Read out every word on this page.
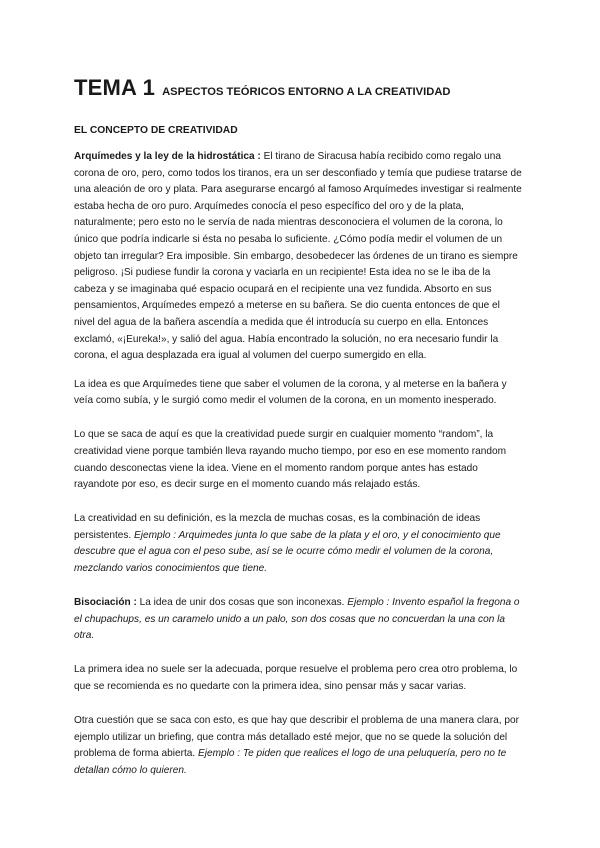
TEMA 1 ASPECTOS TEÓRICOS ENTORNO A LA CREATIVIDAD
EL CONCEPTO DE CREATIVIDAD

Arquímedes y la ley de la hidrostática : El tirano de Siracusa había recibido como regalo una corona de oro, pero, como todos los tiranos, era un ser desconfiado y temía que pudiese tratarse de una aleación de oro y plata. Para asegurarse encargó al famoso Arquímedes investigar si realmente estaba hecha de oro puro. Arquímedes conocía el peso específico del oro y de la plata, naturalmente; pero esto no le servía de nada mientras desconociera el volumen de la corona, lo único que podría indicarle si ésta no pesaba lo suficiente. ¿Cómo podía medir el volumen de un objeto tan irregular? Era imposible. Sin embargo, desobedecer las órdenes de un tirano es siempre peligroso. ¡Si pudiese fundir la corona y vaciarla en un recipiente! Esta idea no se le iba de la cabeza y se imaginaba qué espacio ocupará en el recipiente una vez fundida. Absorto en sus pensamientos, Arquímedes empezó a meterse en su bañera. Se dio cuenta entonces de que el nivel del agua de la bañera ascendía a medida que él introducía su cuerpo en ella. Entonces exclamó, «¡Eureka!», y salió del agua. Había encontrado la solución, no era necesario fundir la corona, el agua desplazada era igual al volumen del cuerpo sumergido en ella.

La idea es que Arquímedes tiene que saber el volumen de la corona, y al meterse en la bañera y veía como subía, y le surgió como medir el volumen de la corona, en un momento inesperado.

Lo que se saca de aquí es que la creatividad puede surgir en cualquier momento “random”, la creatividad viene porque también lleva rayando mucho tiempo, por eso en ese momento random cuando desconectas viene la idea. Viene en el momento random porque antes has estado rayandote por eso, es decir surge en el momento cuando más relajado estás.

La creatividad en su definición, es la mezcla de muchas cosas, es la combinación de ideas persistentes. Ejemplo : Arquimedes junta lo que sabe de la plata y el oro, y el conocimiento que descubre que el agua con el peso sube, así se le ocurre cómo medir el volumen de la corona, mezclando varios conocimientos que tiene.

Bisociación : La idea de unir dos cosas que son inconexas. Ejemplo : Invento español la fregona o el chupachups, es un caramelo unido a un palo, son dos cosas que no concuerdan la una con la otra.

La primera idea no suele ser la adecuada, porque resuelve el problema pero crea otro problema, lo que se recomienda es no quedarte con la primera idea, sino pensar más y sacar varias.

Otra cuestión que se saca con esto, es que hay que describir el problema de una manera clara, por ejemplo utilizar un briefing, que contra más detallado esté mejor, que no se quede la solución del problema de forma abierta. Ejemplo : Te piden que realices el logo de una peluquería, pero no te detallan cómo lo quieren.
